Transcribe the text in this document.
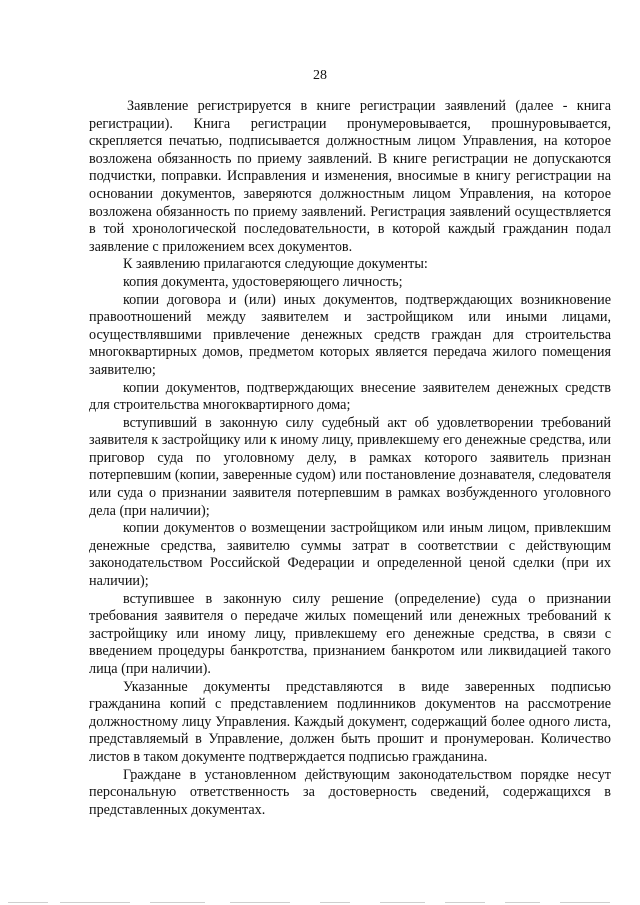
28

Заявление регистрируется в книге регистрации заявлений (далее - книга регистрации). Книга регистрации пронумеровывается, прошнуровывается, скрепляется печатью, подписывается должностным лицом Управления, на которое возложена обязанность по приему заявлений. В книге регистрации не допускаются подчистки, поправки. Исправления и изменения, вносимые в книгу регистрации на основании документов, заверяются должностным лицом Управления, на которое возложена обязанность по приему заявлений. Регистрация заявлений осуществляется в той хронологической последовательности, в которой каждый гражданин подал заявление с приложением всех документов.

К заявлению прилагаются следующие документы:

копия документа, удостоверяющего личность;

копии договора и (или) иных документов, подтверждающих возникновение правоотношений между заявителем и застройщиком или иными лицами, осуществлявшими привлечение денежных средств граждан для строительства многоквартирных домов, предметом которых является передача жилого помещения заявителю;

копии документов, подтверждающих внесение заявителем денежных средств для строительства многоквартирного дома;

вступивший в законную силу судебный акт об удовлетворении требований заявителя к застройщику или к иному лицу, привлекшему его денежные средства, или приговор суда по уголовному делу, в рамках которого заявитель признан потерпевшим (копии, заверенные судом) или постановление дознавателя, следователя или суда о признании заявителя потерпевшим в рамках возбужденного уголовного дела (при наличии);

копии документов о возмещении застройщиком или иным лицом, привлекшим денежные средства, заявителю суммы затрат в соответствии с действующим законодательством Российской Федерации и определенной ценой сделки (при их наличии);

вступившее в законную силу решение (определение) суда о признании требования заявителя о передаче жилых помещений или денежных требований к застройщику или иному лицу, привлекшему его денежные средства, в связи с введением процедуры банкротства, признанием банкротом или ликвидацией такого лица (при наличии).

Указанные документы представляются в виде заверенных подписью гражданина копий с представлением подлинников документов на рассмотрение должностному лицу Управления. Каждый документ, содержащий более одного листа, представляемый в Управление, должен быть прошит и пронумерован. Количество листов в таком документе подтверждается подписью гражданина.

Граждане в установленном действующим законодательством порядке несут персональную ответственность за достоверность сведений, содержащихся в представленных документах.
